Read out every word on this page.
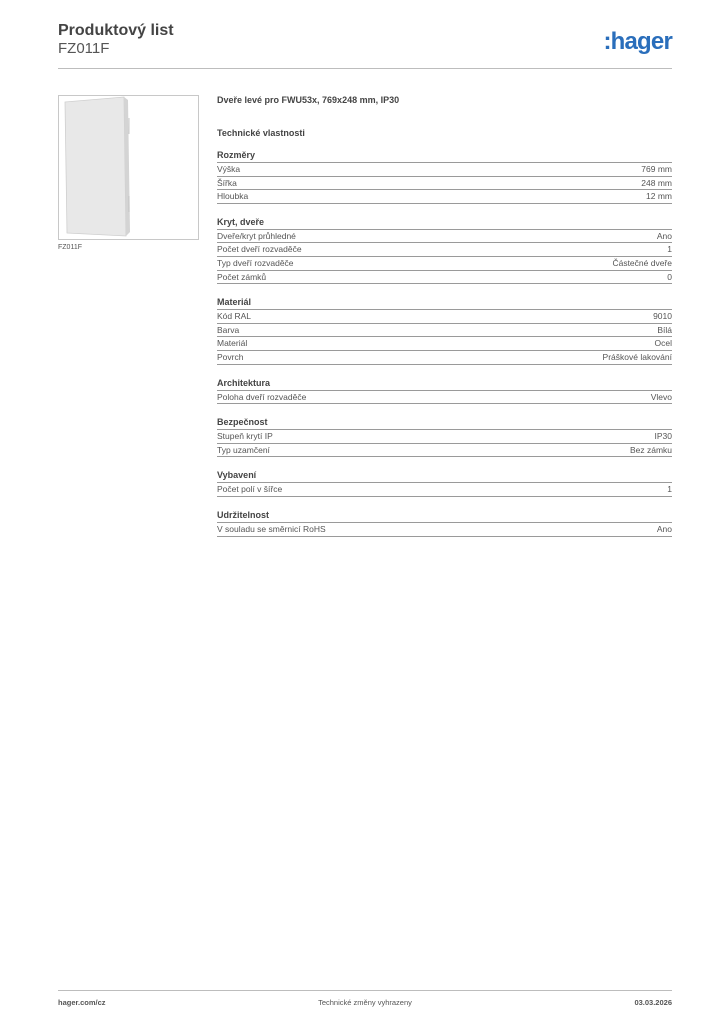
Produktový list
FZ011F	:hager
FZ011F
Dveře levé pro FWU53x, 769x248 mm, IP30
Technické vlastnosti
Rozměry
Výška	769 mm
Šířka	248 mm
Hloubka	12 mm
Kryt, dveře
Dveře/kryt průhledné	Ano
Počet dveří rozvaděče	1
Typ dveří rozvaděče	Částečné dveře
Počet zámků	0
Materiál
Kód RAL	9010
Barva	Bílá
Materiál	Ocel
Povrch	Práškové lakování
Architektura
Poloha dveří rozvaděče	Vlevo
Bezpečnost
Stupeň krytí IP	IP30
Typ uzamčení	Bez zámku
Vybavení
Počet polí v šířce	1
Udržitelnost
V souladu se směrnicí RoHS	Ano
hager.com/cz	Technické změny vyhrazeny	03.03.2026
